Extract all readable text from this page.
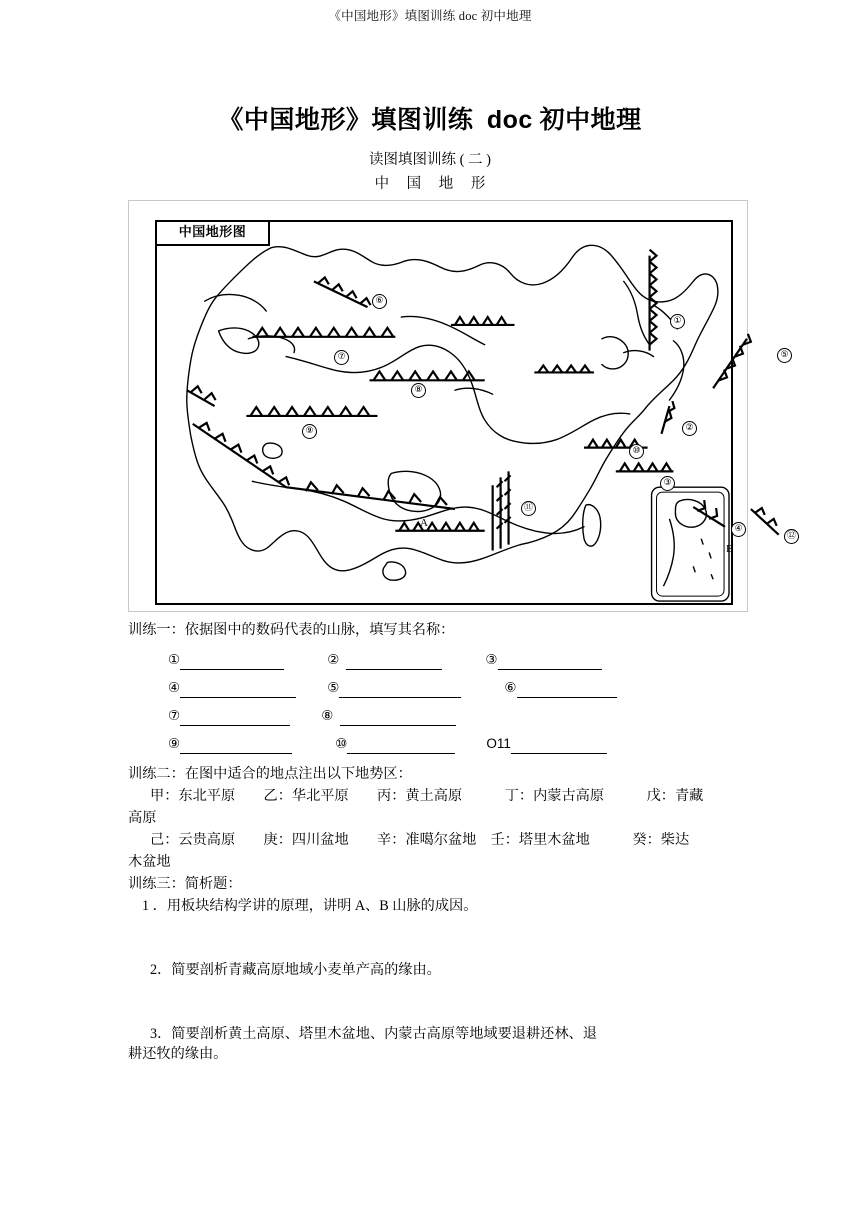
《中国地形》填图训练 doc 初中地理
《中国地形》填图训练 doc 初中地理
读图填图训练 ( 二 )
中 国 地 形
中国地形图
①
②
③
④
⑤
⑥
⑦
⑧
⑨
⑩
⑪
⑫
A
B

训练一：依据图中的数码代表的山脉，填写其名称：

①	②	③

④	⑤	⑥

⑦	⑧

⑨	⑩	O11

训练二：在图中适合的地点注出以下地势区：

甲：东北平原　　乙：华北平原　　丙：黄土高原　　　丁：内蒙古高原　　　戊：青藏

高原

己：云贵高原　　庚：四川盆地　　辛：准噶尔盆地　壬：塔里木盆地　　　癸：柴达

木盆地

训练三：简析题：

1 ．用板块结构学讲的原理，讲明 A、B 山脉的成因。

2．简要剖析青藏高原地域小麦单产高的缘由。

3．简要剖析黄土高原、塔里木盆地、内蒙古高原等地域要退耕还林、退

耕还牧的缘由。
